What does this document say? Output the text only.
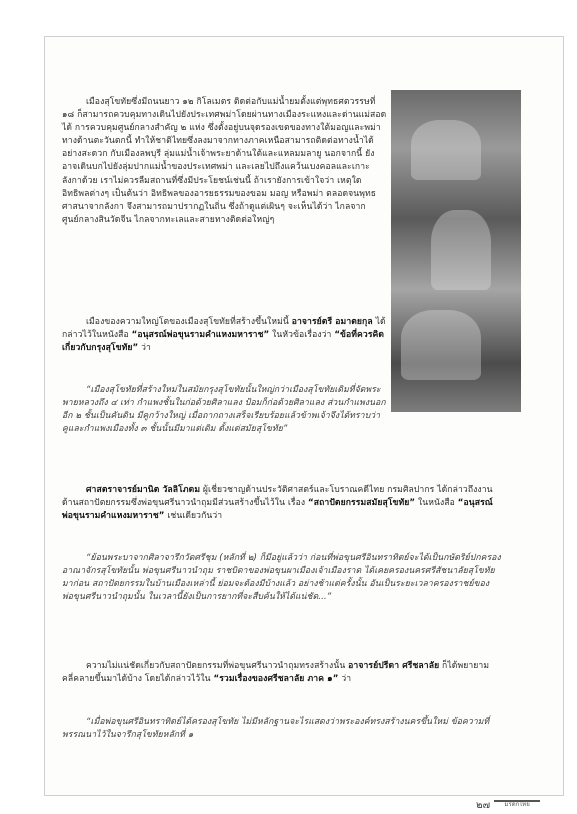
เมืองสุโขทัยซึ่งมีถนนยาว ๑๒ กิโลเมตร ติดต่อกับแม่น้ำยมตั้งแต่พุทธศตวรรษที่ ๑๘ ก็สามารถควบคุมทางเดินไปยังประเทศพม่าโดยผ่านทางเมืองระแหงและด่านแม่สอดได้ การควบคุมศูนย์กลางสำคัญ ๒ แห่ง ซึ่งตั้งอยู่บนจุดรองเขตของทางใต้มอญและพม่า ทางด้านตะวันตกนี้ ทำให้ชาติไทยซึ่งลงมาจากทางภาคเหนือสามารถติดต่อทางน้ำได้อย่างสะดวก กับเมืองลพบุรี ลุ่มแม่น้ำเจ้าพระยาด้านใต้และแหลมมลายู นอกจากนี้ ยังอาจเดินบกไปยังลุ่มปากแม่น้ำของประเทศพม่า และเลยไปถึงแคว้นเบงคอลและเกาะลังกาด้วย เราไม่ควรลืมสถานที่ซึ่งมีประโยชน์เช่นนี้ ถ้าเรายังการเข้าใจว่า เหตุใดอิทธิพลต่างๆ เป็นต้นว่า อิทธิพลของอารยธรรมของขอม มอญ หรือพม่า ตลอดจนพุทธศาสนาจากลังกา จึงสามารถมาปรากฏในถิ่น ซึ่งถ้าดูแต่เผินๆ จะเห็นได้ว่า ไกลจากศูนย์กลางสินวัดจีน ไกลจากทะเลและสายทางติดต่อใหญ่ๆ

เมืองของความใหญ่โตของเมืองสุโขทัยที่สร้างขึ้นใหม่นี้ อาจารย์ตรี อมาตยกุล ได้กล่าวไว้ในหนังสือ “อนุสรณ์พ่อขุนรามคำแหงมหาราช” ในหัวข้อเรื่องว่า “ข้อที่ควรคิดเกี่ยวกับกรุงสุโขทัย” ว่า

“เมืองสุโขทัยที่สร้างใหม่ในสมัยกรุงสุโขทัยนั้นใหญ่กว่าเมืองสุโขทัยเดิมที่จัดพระพายหลวงถึง ๔ เท่า กำแพงชั้นในก่อด้วยศิลาแลง ป้อมก็ก่อด้วยศิลาแลง ส่วนกำแพงนอกอีก ๒ ชั้นเป็นคันดิน มีคูกว้างใหญ่ เมื่อถากถางเสร็จเรียบร้อยแล้วข้าพเจ้าจึงได้ทราบว่า คูและกำแพงเมืองทั้ง ๓ ชั้นนั้นมีมาแต่เดิม ตั้งแต่สมัยสุโขทัย”

ศาสตราจารย์มานิต วัลลิโภดม ผู้เชี่ยวชาญด้านประวัติศาสตร์และโบราณคดีไทย กรมศิลปากร ได้กล่าวถึงงานด้านสถาปัตยกรรมซึ่งพ่อขุนศรีนาวนำถุมมีส่วนสร้างขึ้นไว้ใน เรื่อง “สถาปัตยกรรมสมัยสุโขทัย” ในหนังสือ “อนุสรณ์พ่อขุนรามคำแหงมหาราช” เช่นเดียวกันว่า

“ย้อนพระบาจากศิลาจารึกวัดศรีชุม (หลักที่ ๒) ก็มีอยู่แล้วว่า ก่อนที่พ่อขุนศรีอินทราทิตย์จะได้เป็นกษัตริย์ปกครองอาณาจักรสุโขทัยนั้น พ่อขุนศรีนาวนำถุม ราชบิดาของพ่อขุนผาเมืองเจ้าเมืองราด ได้เคยครองนครศรีสัชนาลัยสุโขทัยมาก่อน สถาปัตยกรรมในบ้านเมืองเหล่านี้ ย่อมจะต้องมีบ้างแล้ว อย่างช้าแต่ครั้งนั้น อันเป็นระยะเวลาครองราชย์ของพ่อขุนศรีนาวนำถุมนั้น ในเวลานี้ยังเป็นการยากที่จะสืบค้นให้ได้แน่ชัด...”

ความไม่แน่ชัดเกี่ยวกับสถาปัตยกรรมที่พ่อขุนศรีนาวนำถุมทรงสร้างนั้น อาจารย์ปรีดา ศรีชลาลัย ก็ได้พยายามคลี่คลายขึ้นมาได้บ้าง โดยได้กล่าวไว้ใน “รวมเรื่องของศรีชลาลัย ภาค ๑” ว่า

“เมื่อพ่อขุนศรีอินทราทิตย์ได้ครองสุโขทัย ไม่มีหลักฐานจะไรแสดงว่าพระองค์ทรงสร้างนครขึ้นใหม่ ข้อความที่พรรณนาไว้ในจารึกสุโขทัยหลักที่ ๑

๒๗	มรดกไทย
